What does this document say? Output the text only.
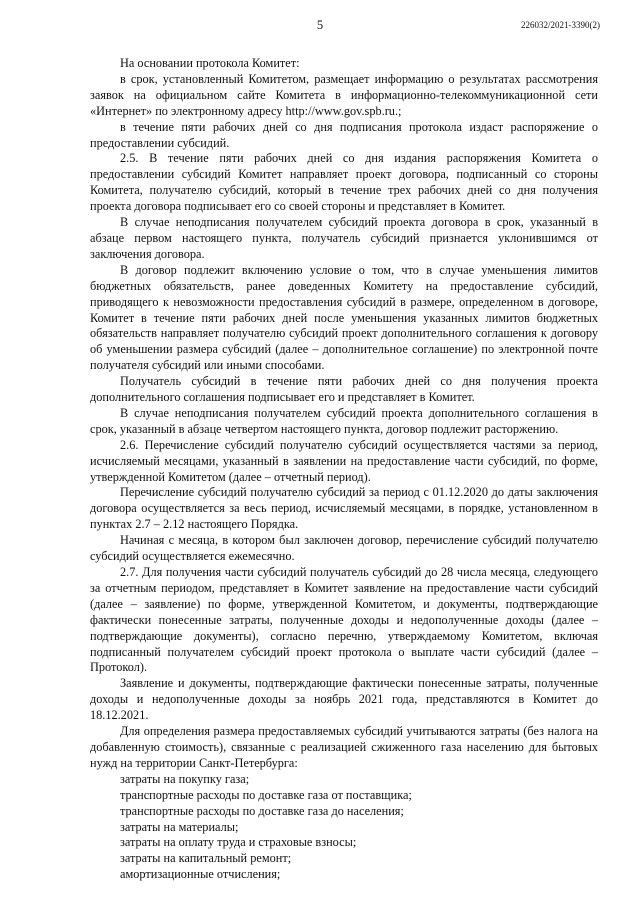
5	226032/2021-3390(2)

На основании протокола Комитет:

в срок, установленный Комитетом, размещает информацию о результатах рассмотрения заявок на официальном сайте Комитета в информационно-телекоммуникационной сети «Интернет» по электронному адресу http://www.gov.spb.ru.;

в течение пяти рабочих дней со дня подписания протокола издаст распоряжение о предоставлении субсидий.

2.5. В течение пяти рабочих дней со дня издания распоряжения Комитета о предоставлении субсидий Комитет направляет проект договора, подписанный со стороны Комитета, получателю субсидий, который в течение трех рабочих дней со дня получения проекта договора подписывает его со своей стороны и представляет в Комитет.

В случае неподписания получателем субсидий проекта договора в срок, указанный в абзаце первом настоящего пункта, получатель субсидий признается уклонившимся от заключения договора.

В договор подлежит включению условие о том, что в случае уменьшения лимитов бюджетных обязательств, ранее доведенных Комитету на предоставление субсидий, приводящего к невозможности предоставления субсидий в размере, определенном в договоре, Комитет в течение пяти рабочих дней после уменьшения указанных лимитов бюджетных обязательств направляет получателю субсидий проект дополнительного соглашения к договору об уменьшении размера субсидий (далее – дополнительное соглашение) по электронной почте получателя субсидий или иными способами.

Получатель субсидий в течение пяти рабочих дней со дня получения проекта дополнительного соглашения подписывает его и представляет в Комитет.

В случае неподписания получателем субсидий проекта дополнительного соглашения в срок, указанный в абзаце четвертом настоящего пункта, договор подлежит расторжению.

2.6. Перечисление субсидий получателю субсидий осуществляется частями за период, исчисляемый месяцами, указанный в заявлении на предоставление части субсидий, по форме, утвержденной Комитетом (далее – отчетный период).

Перечисление субсидий получателю субсидий за период с 01.12.2020 до даты заключения договора осуществляется за весь период, исчисляемый месяцами, в порядке, установленном в пунктах 2.7 – 2.12 настоящего Порядка.

Начиная с месяца, в котором был заключен договор, перечисление субсидий получателю субсидий осуществляется ежемесячно.

2.7. Для получения части субсидий получатель субсидий до 28 числа месяца, следующего за отчетным периодом, представляет в Комитет заявление на предоставление части субсидий (далее – заявление) по форме, утвержденной Комитетом, и документы, подтверждающие фактически понесенные затраты, полученные доходы и недополученные доходы (далее – подтверждающие документы), согласно перечню, утверждаемому Комитетом, включая подписанный получателем субсидий проект протокола о выплате части субсидий (далее – Протокол).

Заявление и документы, подтверждающие фактически понесенные затраты, полученные доходы и недополученные доходы за ноябрь 2021 года, представляются в Комитет до 18.12.2021.

Для определения размера предоставляемых субсидий учитываются затраты (без налога на добавленную стоимость), связанные с реализацией сжиженного газа населению для бытовых нужд на территории Санкт-Петербурга:

затраты на покупку газа;

транспортные расходы по доставке газа от поставщика;

транспортные расходы по доставке газа до населения;

затраты на материалы;

затраты на оплату труда и страховые взносы;

затраты на капитальный ремонт;

амортизационные отчисления;
